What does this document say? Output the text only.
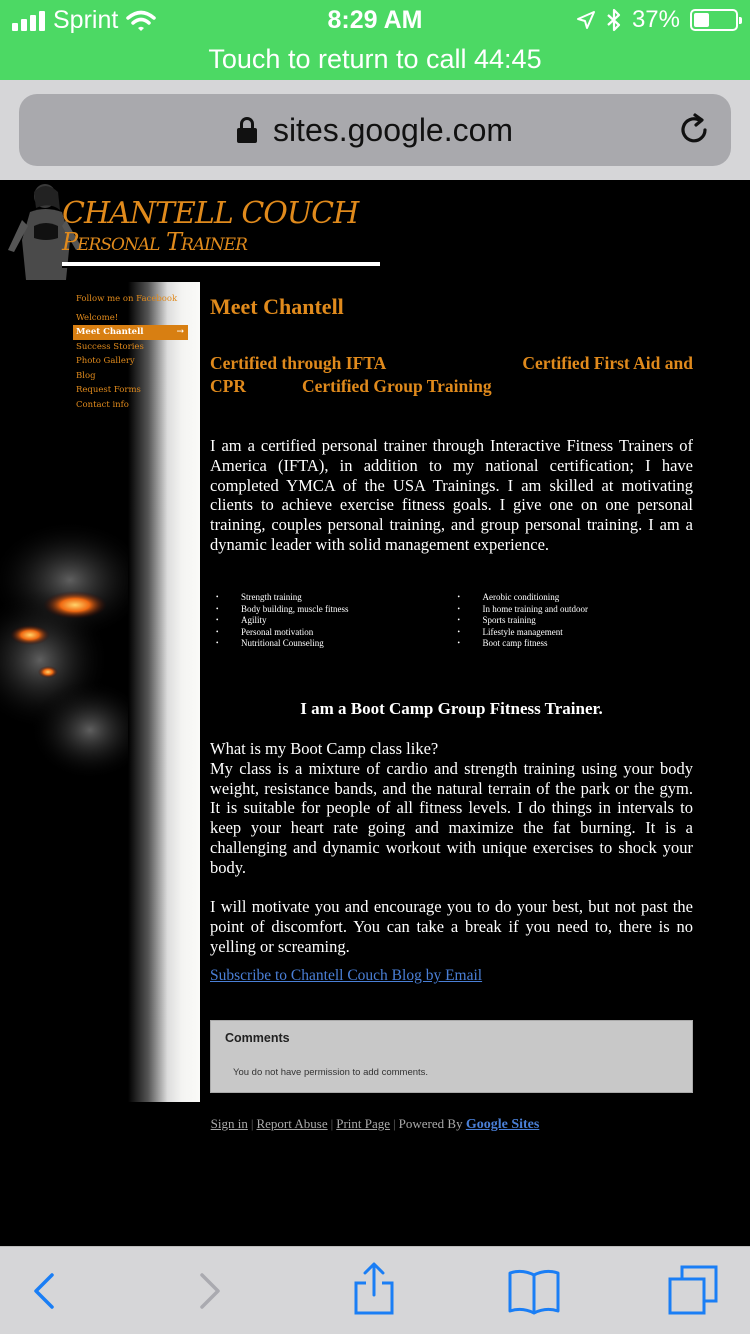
Sprint	8:29 AM	37%
Touch to return to call 44:45
sites.google.com
CHANTELL COUCH
Personal Trainer
Follow me on Facebook
Welcome!
Meet Chantell →
Success Stories
Photo Gallery
Blog
Request Forms
Contact info
Meet Chantell
Certified through IFTA	Certified First Aid and
CPR	Certified Group Training

I am a certified personal trainer through Interactive Fitness Trainers of America (IFTA), in addition to my national certification; I have completed YMCA of the USA Trainings. I am skilled at motivating clients to achieve exercise fitness goals. I give one on one personal training, couples personal training, and group personal training. I am a dynamic leader with solid management experience.

• Strength training
• Body building, muscle fitness
• Agility
• Personal motivation
• Nutritional Counseling
• Aerobic conditioning
• In home training and outdoor
• Sports training
• Lifestyle management
• Boot camp fitness
I am a Boot Camp Group Fitness Trainer.
What is my Boot Camp class like?
My class is a mixture of cardio and strength training using your body weight, resistance bands, and the natural terrain of the park or the gym. It is suitable for people of all fitness levels. I do things in intervals to keep your heart rate going and maximize the fat burning. It is a challenging and dynamic workout with unique exercises to shock your body.

I will motivate you and encourage you to do your best, but not past the point of discomfort. You can take a break if you need to, there is no yelling or screaming.

Subscribe to Chantell Couch Blog by Email
Comments
You do not have permission to add comments.
Sign in | Report Abuse | Print Page | Powered By Google Sites
